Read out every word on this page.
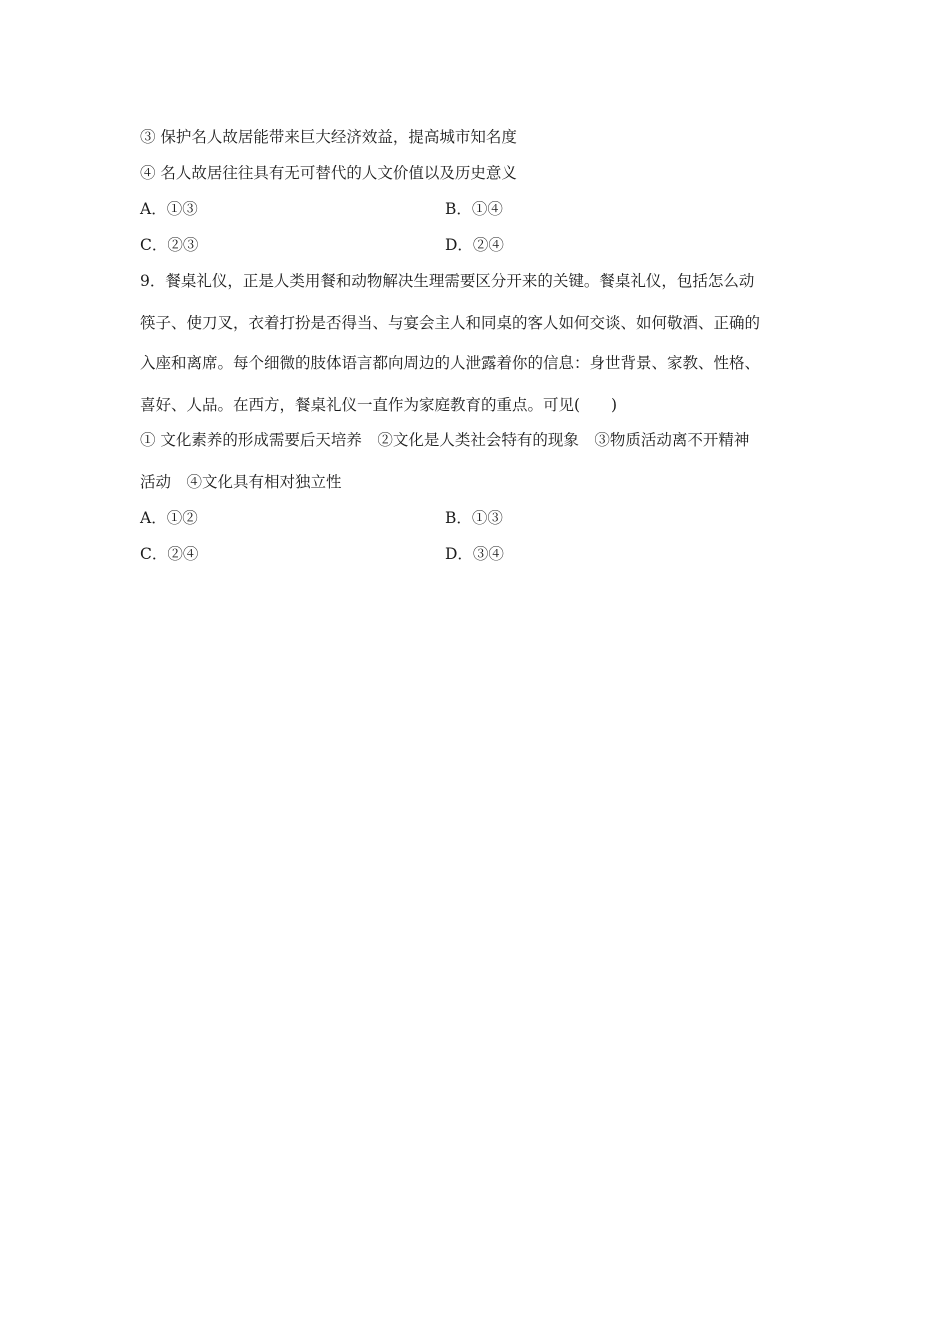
③ 保护名人故居能带来巨大经济效益，提高城市知名度
④ 名人故居往往具有无可替代的人文价值以及历史意义
A．①③	B．①④
C．②③	D．②④
9．餐桌礼仪，正是人类用餐和动物解决生理需要区分开来的关键。餐桌礼仪，包括怎么动
筷子、使刀叉，衣着打扮是否得当、与宴会主人和同桌的客人如何交谈、如何敬酒、正确的
入座和离席。每个细微的肢体语言都向周边的人泄露着你的信息：身世背景、家教、性格、
喜好、人品。在西方，餐桌礼仪一直作为家庭教育的重点。可见(　　)
① 文化素养的形成需要后天培养　②文化是人类社会特有的现象　③物质活动离不开精神
活动　④文化具有相对独立性
A．①②	B．①③
C．②④	D．③④
